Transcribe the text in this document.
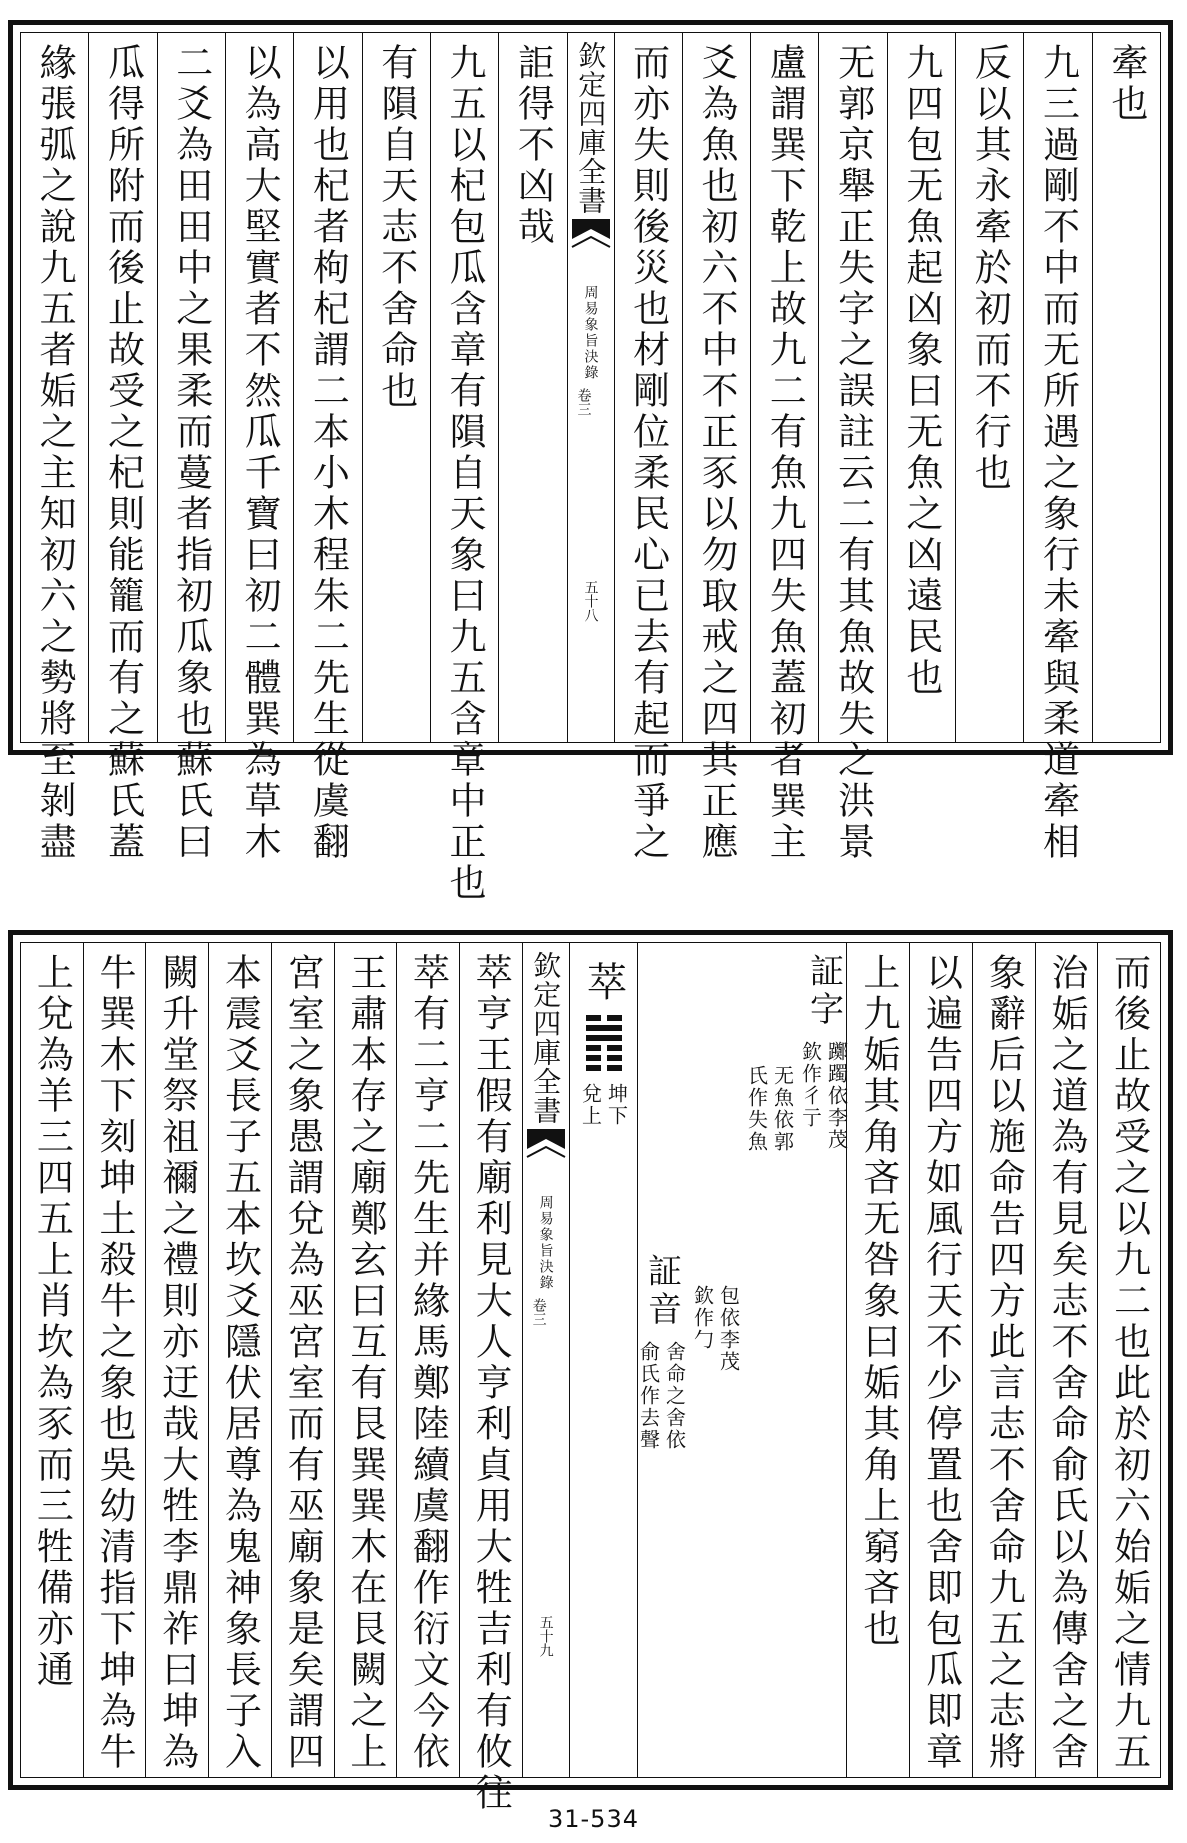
牽也
九三過剛不中而无所遇之象行未牽與柔道牽相
反以其永牽於初而不行也
九四包无魚起凶象曰无魚之凶遠民也
无郭京舉正失字之誤註云二有其魚故失之洪景
盧謂巽下乾上故九二有魚九四失魚蓋初者巽主
爻為魚也初六不中不正豕以勿取戒之四其正應
而亦失則後災也材剛位柔民心已去有起而爭之
欽定四庫全書
周易象旨決錄
卷三
五十八
詎得不凶哉
九五以杞包瓜含章有隕自天象曰九五含章中正也
有隕自天志不舍命也
以用也杞者枸杞謂二本小木程朱二先生從虞翻
以為高大堅實者不然瓜千寶曰初二體巽為草木
二爻為田田中之果柔而蔓者指初瓜象也蘇氏曰
瓜得所附而後止故受之杞則能籠而有之蘇氏蓋
緣張弧之說九五者姤之主知初六之勢將至剝盡
而後止故受之以九二也此於初六始姤之情九五
治姤之道為有見矣志不舍命俞氏以為傳舍之舍
象辭后以施命告四方此言志不舍命九五之志將
以遍告四方如風行天不少停置也舍即包瓜即章
上九姤其角吝无咎象曰姤其角上窮吝也
証字
躑躅依李茂
欽作彳亍
无魚依郭
氏作失魚
包依李茂
欽作勹
証音
舍命之舍依
俞氏作去聲
萃
坤下
兌上
欽定四庫全書
周易象旨決錄
卷三
五十九
萃亨王假有廟利見大人亨利貞用大牲吉利有攸往
萃有二亨二先生并緣馬鄭陸續虞翻作衍文今依
王肅本存之廟鄭玄曰互有艮巽巽木在艮闕之上
宮室之象愚謂兌為巫宮室而有巫廟象是矣謂四
本震爻長子五本坎爻隱伏居尊為鬼神象長子入
闕升堂祭祖禰之禮則亦迂哉大牲李鼎祚曰坤為
牛巽木下刻坤土殺牛之象也吳幼清指下坤為牛
上兌為羊三四五上肖坎為豕而三牲備亦通
31-534
